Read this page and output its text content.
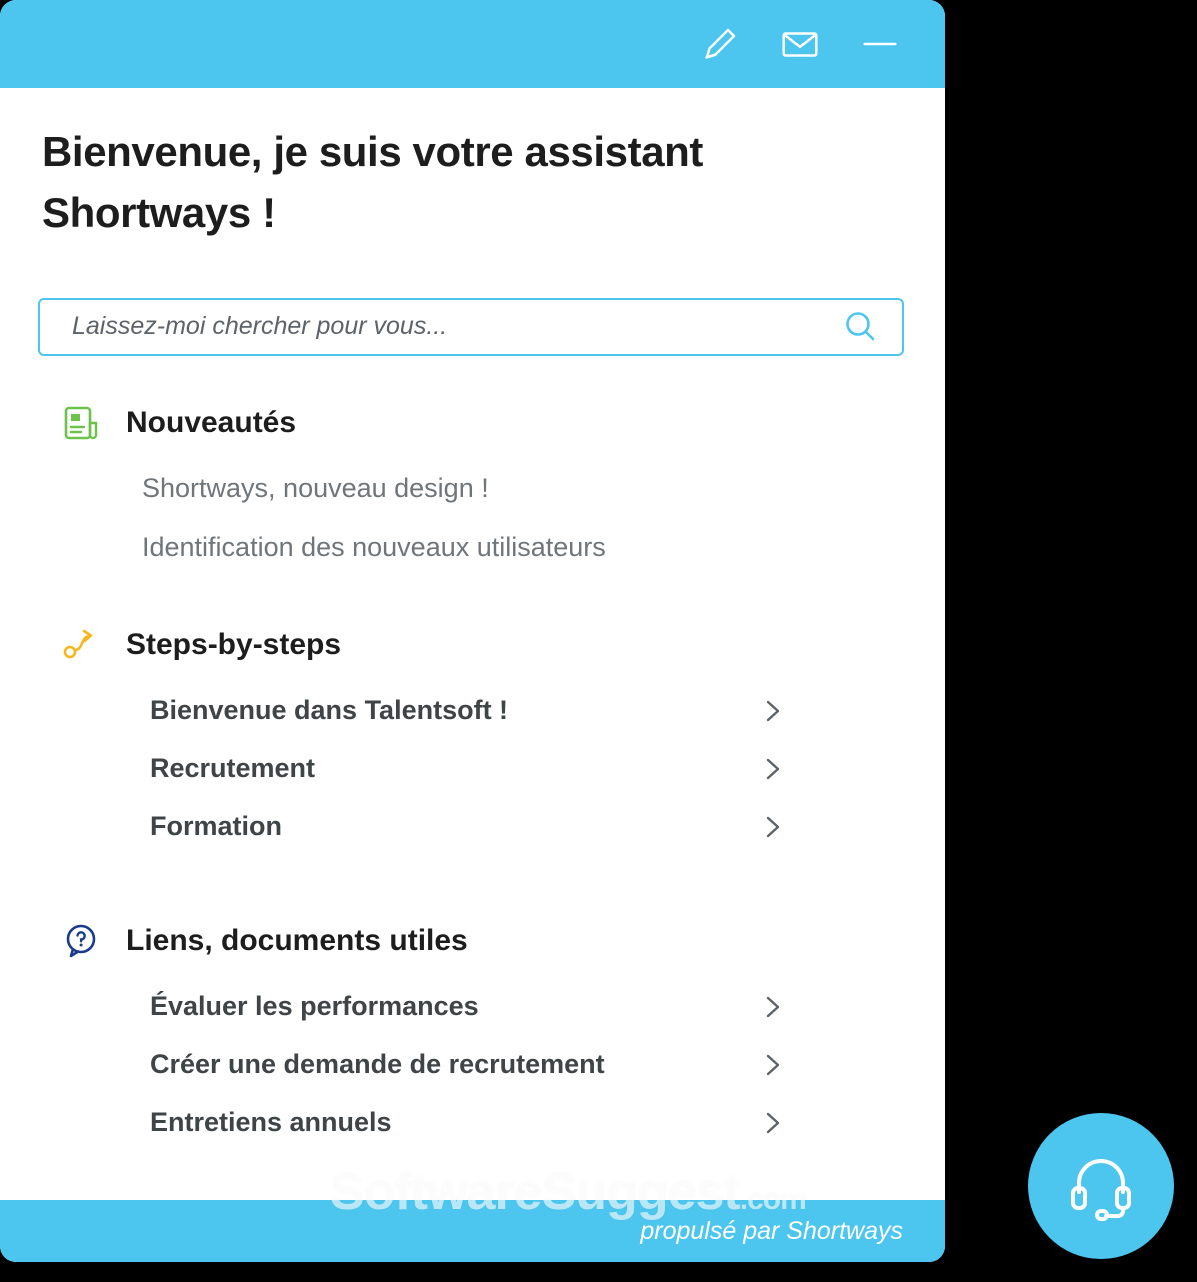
Bienvenue, je suis votre assistant Shortways !
Laissez-moi chercher pour vous...
Nouveautés
Shortways, nouveau design !
Identification des nouveaux utilisateurs
Steps-by-steps
Bienvenue dans Talentsoft !
Recrutement
Formation
Liens, documents utiles
Évaluer les performances
Créer une demande de recrutement
Entretiens annuels
propulsé par Shortways
SoftwareSuggest.com
